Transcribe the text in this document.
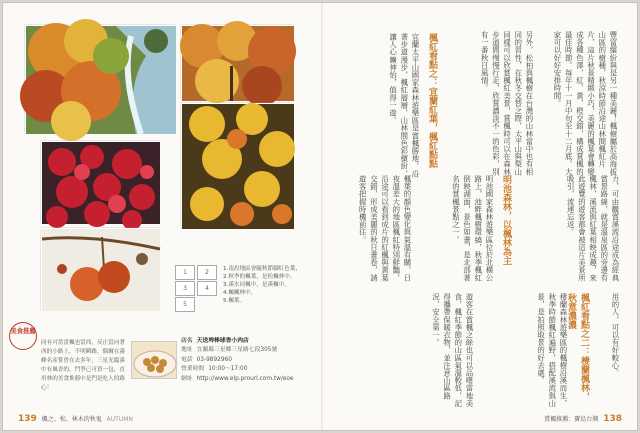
1	2
3	4
5
1.南投地區會隨秋節腳紅色葉，
2.秋季的楓葉，是松楓林中，
3.溪水同楓中，是溪楓中，
4.楓楓林中，
5.楓葉。
美食推薦
同有可當當楓也當西，反正當向著西的小路上，不明瞬路，偶爾在霧峰名產嘗曾在去多年，三星光臨溪中有風香的，鬥爭已可買一包，直用林的美食推薦中是門是吃人的路心！
店名 天送埤棒球香小肉店
地址 宜蘭縣三星鄉三星路七段305號
電話 03-9892960
營業時間 10:00～17:00
網址 http://www.eip.prourl.com.tw/eoe
139 楓之、松、林木的秋鬼 AUTUMN
豐富繽紛與是另一種美麗！楓樹屬於高海拔山區的樹種，秋涼時節沿途山林間楓紅片片，這片秋景精緻小巧，美麗的楓葉會轉變成各種色澤，紅、黃、橙交錯，構成賞楓的最佳時節。每年十一月中旬至十二月底，大家可以好好安排時間。
另外，松柏與楓樹在台灣的山林當中也有相同的習性，在秋冬交替之際，太平山與梨山同樣可以欣賞楓紅美景，賞楓時可以在森林步道間慢慢行走，欣賞濃淡不一的色彩，別有一番秋日風情。
楓紅看點之：宜蘭紅葉，楓紅點點
宜蘭太平山國家森林遊樂區是賞楓勝地，沿著步道漫步，楓紅層層，山林間色彩繽紛，讓人心曠神怡，值得一遊。
力，可由觀賞溪流沿途成為經典賞景路線，就是溫泉區的旁邊有楓林，溪流與紅葉相映成趣，來此遊覽的遊客都會被這片美景所吸引，流連忘返。
明池森林，以楓林為主
明池國家森林遊樂區位於北橫公路上，池畔楓樹環繞，秋季楓紅倒映湖面，景色如畫，是北部著名的賞楓景點之一。
楓葉的顏色變化與氣溫有關，日夜溫差大的地區楓紅特別鮮豔，沿途可以看到成片的紅楓與黃葉交錯，形成美麗的秋日畫卷，請遊客把握時機前往。
用的人，可以有好較心。
楓紅看點之二：棲蘭楓林，秋意濃濃
棲蘭森林遊樂區的楓樹沿溪而生，秋季時節楓紅遍野，搭配溪流與山景，是拍照取景的好去處。
遊客在賞楓之餘也可以品嚐當地美食，楓紅季節的山區氣溫較低，記得攜帶保暖衣物，並注意山區路況，安全第一。
賞楓推薦：寶島台灣 138
